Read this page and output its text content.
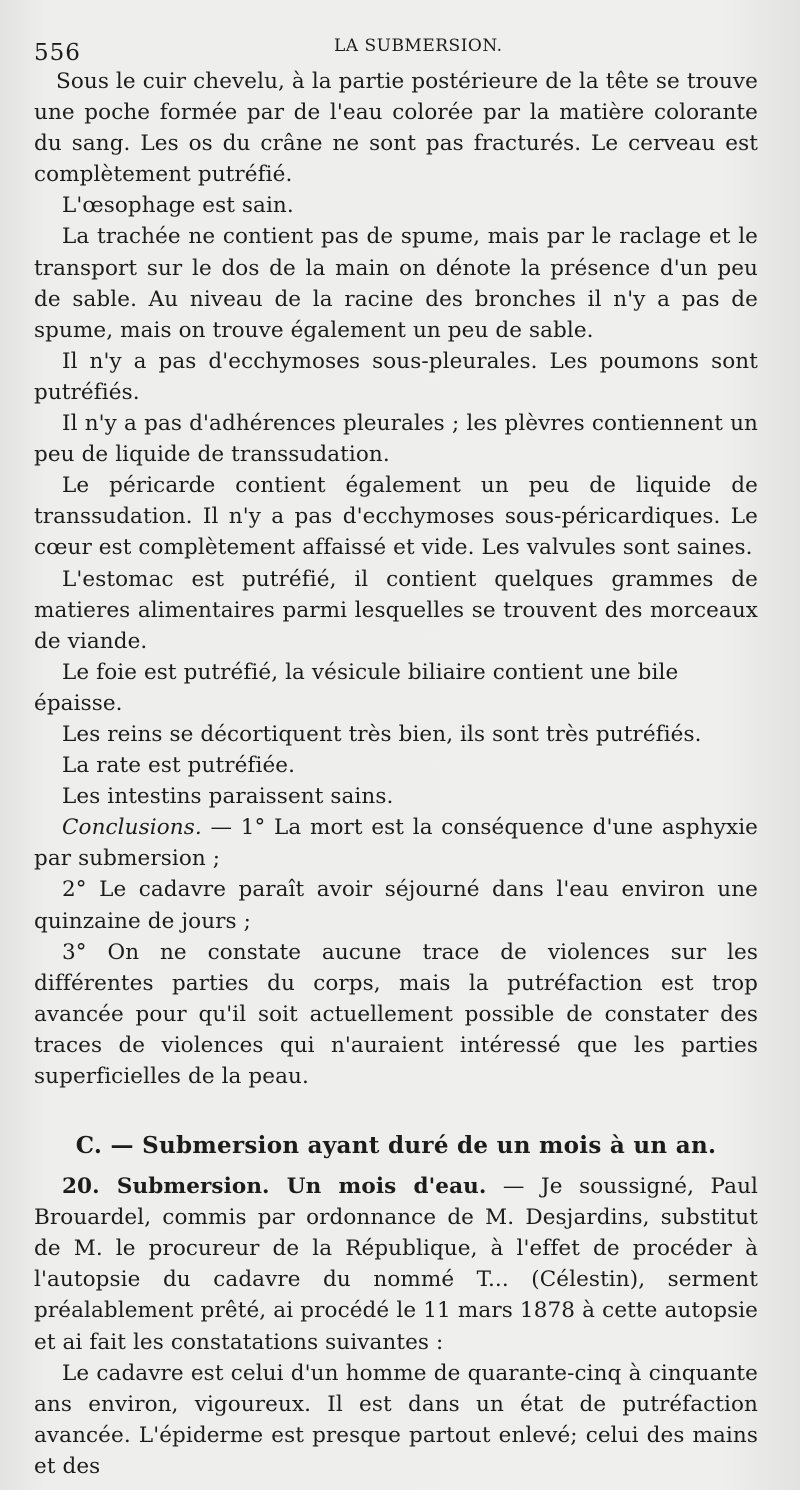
556	LA SUBMERSION.

Sous le cuir chevelu, à la partie postérieure de la tête se trouve une poche formée par de l'eau colorée par la matière colorante du sang. Les os du crâne ne sont pas fracturés. Le cerveau est complètement putréfié.

L'œsophage est sain.

La trachée ne contient pas de spume, mais par le raclage et le transport sur le dos de la main on dénote la présence d'un peu de sable. Au niveau de la racine des bronches il n'y a pas de spume, mais on trouve également un peu de sable.

Il n'y a pas d'ecchymoses sous-pleurales. Les poumons sont putréfiés.

Il n'y a pas d'adhérences pleurales ; les plèvres contiennent un peu de liquide de transsudation.

Le péricarde contient également un peu de liquide de transsudation. Il n'y a pas d'ecchymoses sous-péricardiques. Le cœur est complètement affaissé et vide. Les valvules sont saines.

L'estomac est putréfié, il contient quelques grammes de matieres alimentaires parmi lesquelles se trouvent des morceaux de viande.

Le foie est putréfié, la vésicule biliaire contient une bile épaisse.

Les reins se décortiquent très bien, ils sont très putréfiés.

La rate est putréfiée.

Les intestins paraissent sains.

Conclusions. — 1° La mort est la conséquence d'une asphyxie par submersion ;

2° Le cadavre paraît avoir séjourné dans l'eau environ une quinzaine de jours ;

3° On ne constate aucune trace de violences sur les différentes parties du corps, mais la putréfaction est trop avancée pour qu'il soit actuellement possible de constater des traces de violences qui n'auraient intéressé que les parties superficielles de la peau.

C. — Submersion ayant duré de un mois à un an.

20. Submersion. Un mois d'eau. — Je soussigné, Paul Brouardel, commis par ordonnance de M. Desjardins, substitut de M. le procureur de la République, à l'effet de procéder à l'autopsie du cadavre du nommé T... (Célestin), serment préalablement prêté, ai procédé le 11 mars 1878 à cette autopsie et ai fait les constatations suivantes :

Le cadavre est celui d'un homme de quarante-cinq à cinquante ans environ, vigoureux. Il est dans un état de putréfaction avancée. L'épiderme est presque partout enlevé; celui des mains et des
